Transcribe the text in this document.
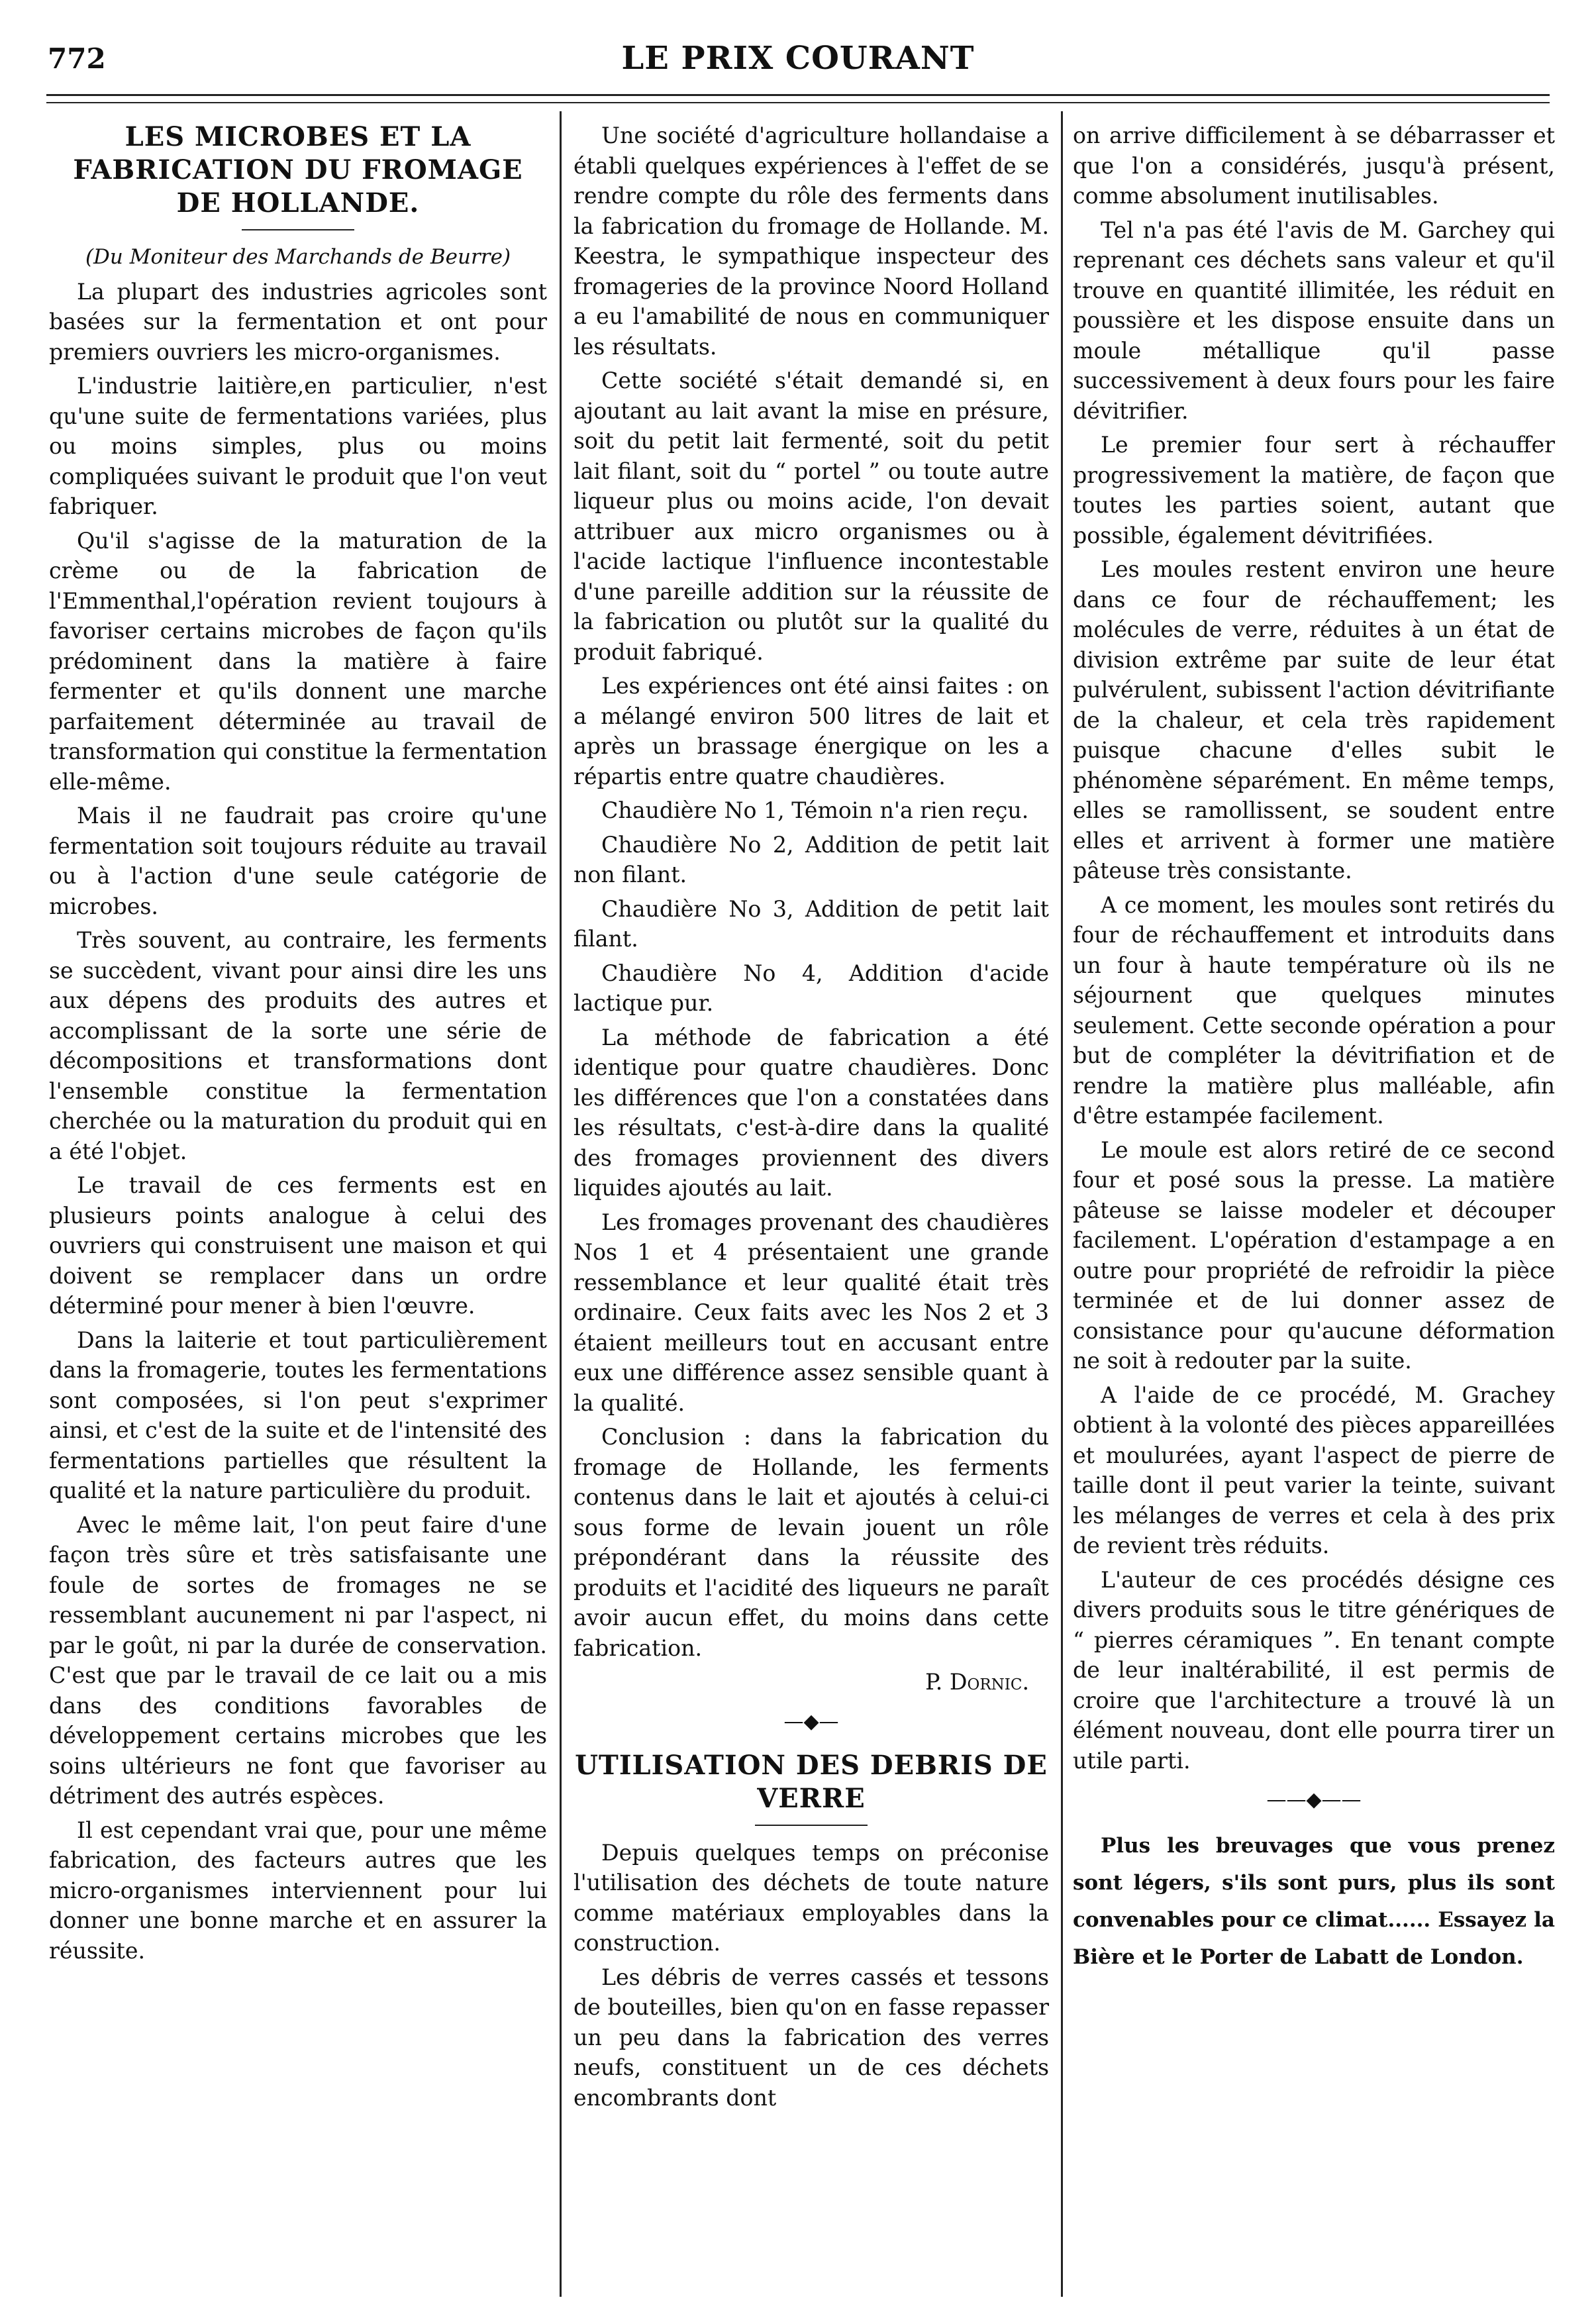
772	LE PRIX COURANT
LES MICROBES ET LA FABRICATION DU FROMAGE DE HOLLANDE.

(Du Moniteur des Marchands de Beurre)

La plupart des industries agricoles sont basées sur la fermentation et ont pour premiers ouvriers les micro-organismes.

L'industrie laitière,en particulier, n'est qu'une suite de fermentations variées, plus ou moins simples, plus ou moins compliquées suivant le produit que l'on veut fabriquer.

Qu'il s'agisse de la maturation de la crème ou de la fabrication de l'Emmenthal,l'opération revient toujours à favoriser certains microbes de façon qu'ils prédominent dans la matière à faire fermenter et qu'ils donnent une marche parfaitement déterminée au travail de transformation qui constitue la fermentation elle-même.

Mais il ne faudrait pas croire qu'une fermentation soit toujours réduite au travail ou à l'action d'une seule catégorie de microbes.

Très souvent, au contraire, les ferments se succèdent, vivant pour ainsi dire les uns aux dépens des produits des autres et accomplissant de la sorte une série de décompositions et transformations dont l'ensemble constitue la fermentation cherchée ou la maturation du produit qui en a été l'objet.

Le travail de ces ferments est en plusieurs points analogue à celui des ouvriers qui construisent une maison et qui doivent se remplacer dans un ordre déterminé pour mener à bien l'œuvre.

Dans la laiterie et tout particulièrement dans la fromagerie, toutes les fermentations sont composées, si l'on peut s'exprimer ainsi, et c'est de la suite et de l'intensité des fermentations partielles que résultent la qualité et la nature particulière du produit.

Avec le même lait, l'on peut faire d'une façon très sûre et très satisfaisante une foule de sortes de fromages ne se ressemblant aucunement ni par l'aspect, ni par le goût, ni par la durée de conservation. C'est que par le travail de ce lait ou a mis dans des conditions favorables de développement certains microbes que les soins ultérieurs ne font que favoriser au détriment des autrés espèces.

Il est cependant vrai que, pour une même fabrication, des facteurs autres que les micro-organismes interviennent pour lui donner une bonne marche et en assurer la réussite.

Une société d'agriculture hollandaise a établi quelques expériences à l'effet de se rendre compte du rôle des ferments dans la fabrication du fromage de Hollande. M. Keestra, le sympathique inspecteur des fromageries de la province Noord Holland a eu l'amabilité de nous en communiquer les résultats.

Cette société s'était demandé si, en ajoutant au lait avant la mise en présure, soit du petit lait fermenté, soit du petit lait filant, soit du “ portel ” ou toute autre liqueur plus ou moins acide, l'on devait attribuer aux micro organismes ou à l'acide lactique l'influence incontestable d'une pareille addition sur la réussite de la fabrication ou plutôt sur la qualité du produit fabriqué.

Les expériences ont été ainsi faites : on a mélangé environ 500 litres de lait et après un brassage énergique on les a répartis entre quatre chaudières.

Chaudière No 1, Témoin n'a rien reçu.

Chaudière No 2, Addition de petit lait non filant.

Chaudière No 3, Addition de petit lait filant.

Chaudière No 4, Addition d'acide lactique pur.

La méthode de fabrication a été identique pour quatre chaudières. Donc les différences que l'on a constatées dans les résultats, c'est-à-dire dans la qualité des fromages proviennent des divers liquides ajoutés au lait.

Les fromages provenant des chaudières Nos 1 et 4 présentaient une grande ressemblance et leur qualité était très ordinaire. Ceux faits avec les Nos 2 et 3 étaient meilleurs tout en accusant entre eux une différence assez sensible quant à la qualité.

Conclusion : dans la fabrication du fromage de Hollande, les ferments contenus dans le lait et ajoutés à celui-ci sous forme de levain jouent un rôle prépondérant dans la réussite des produits et l'acidité des liqueurs ne paraît avoir aucun effet, du moins dans cette fabrication.

P. Dornic.

—◆—
UTILISATION DES DEBRIS DE VERRE

Depuis quelques temps on préconise l'utilisation des déchets de toute nature comme matériaux employables dans la construction.

Les débris de verres cassés et tessons de bouteilles, bien qu'on en fasse repasser un peu dans la fabrication des verres neufs, constituent un de ces déchets encombrants dont

on arrive difficilement à se débarrasser et que l'on a considérés, jusqu'à présent, comme absolument inutilisables.

Tel n'a pas été l'avis de M. Garchey qui reprenant ces déchets sans valeur et qu'il trouve en quantité illimitée, les réduit en poussière et les dispose ensuite dans un moule métallique qu'il passe successivement à deux fours pour les faire dévitrifier.

Le premier four sert à réchauffer progressivement la matière, de façon que toutes les parties soient, autant que possible, également dévitrifiées.

Les moules restent environ une heure dans ce four de réchauffement; les molécules de verre, réduites à un état de division extrême par suite de leur état pulvérulent, subissent l'action dévitrifiante de la chaleur, et cela très rapidement puisque chacune d'elles subit le phénomène séparément. En même temps, elles se ramollissent, se soudent entre elles et arrivent à former une matière pâteuse très consistante.

A ce moment, les moules sont retirés du four de réchauffement et introduits dans un four à haute température où ils ne séjournent que quelques minutes seulement. Cette seconde opération a pour but de compléter la dévitrifiation et de rendre la matière plus malléable, afin d'être estampée facilement.

Le moule est alors retiré de ce second four et posé sous la presse. La matière pâteuse se laisse modeler et découper facilement. L'opération d'estampage a en outre pour propriété de refroidir la pièce terminée et de lui donner assez de consistance pour qu'aucune déformation ne soit à redouter par la suite.

A l'aide de ce procédé, M. Grachey obtient à la volonté des pièces appareillées et moulurées, ayant l'aspect de pierre de taille dont il peut varier la teinte, suivant les mélanges de verres et cela à des prix de revient très réduits.

L'auteur de ces procédés désigne ces divers produits sous le titre génériques de “ pierres céramiques ”. En tenant compte de leur inaltérabilité, il est permis de croire que l'architecture a trouvé là un élément nouveau, dont elle pourra tirer un utile parti.

——◆——

Plus les breuvages que vous prenez sont légers, s'ils sont purs, plus ils sont convenables pour ce climat...... Essayez la Bière et le Porter de Labatt de London.
